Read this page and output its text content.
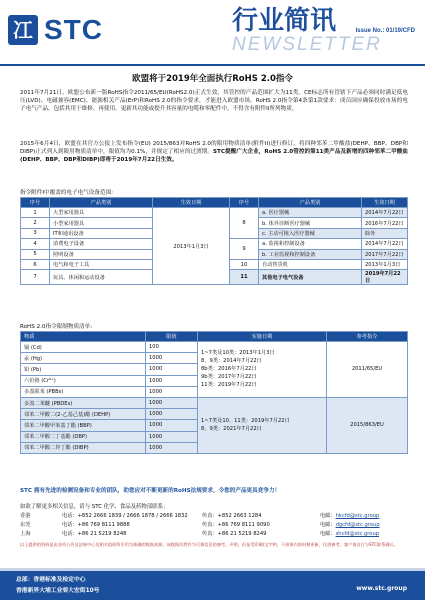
冮 STC	行业简讯
NEWSLETTER
Issue No.: 01/19/CFD
欧盟将于2019年全面执行RoHS 2.0指令
2011年7月21日，欧盟公布新一版RoHS指令2011/65/EU(RoHS2.0)正式生效，其管控的产品范围扩大为11类。CE标志所有管辖下产品必须同时满足低电压(LVD)、电磁兼容(EMC)、能源相关产品(ErP)和RoHS 2.0的指令要求，才能进入欧盟市场。RoHS 2.0指令第4条第1款要求：成员国应确保投放市场的电子电气产品，包括其用于维修、再使用、更新其功能或提升其容量的电缆和零配件中，不得含有附件II所列物质。
2015年6月4日，欧盟在其官方公报上发布指令(EU) 2015/863对RoHS 2.0的限用物质清单(附件II)进行修订，将四种邻苯二甲酸盐(DEHP、BBP、DBP和DIBP)正式列入到限用物质清单中，限值均为0.1%，并规定了相应的过渡期。STC提醒广大企业，RoHS 2.0管控的第11类产品及新增的四种邻苯二甲酸盐(DEHP、BBP、DBP和DIBP)即将于2019年7月22日生效。
指令附件I中覆盖的电子电气设备范围:
序号	产品类别	生效日期	序号	产品类别	生效日期
1	大型家用器具	2013年1月3日	8	a. 医疗器械	2014年7月22日
2	小型家用器具			b. 体外诊断医疗器械	2016年7月22日
3	IT和通讯设备			c. 主动可植入医疗器械	除外
4	消费电子设备		9	a. 监视和控制设备	2014年7月22日
5	照明设备			b. 工业监视和控制设备	2017年7月22日
6	电气和电子工具		10	自动售货机	2013年1月3日
7	玩具、休闲和运动设备		11	其他电子电气设备	2019年7月22日
RoHS 2.0指令限制物质清单:
物质	限值	实施日期	参考指令
镉 (Cd)	100	1~7类及10类：2013年1月3日
8、9类：2014年7月22日
8b类：2016年7月22日
9b类：2017年7月22日
11类：2019年7月22日	2011/65/EU
汞 (Hg)	1000		
铅 (Pb)	1000		
六价铬 (Cr⁶⁺)	1000		
多溴联苯 (PBBs)	1000		
多溴二苯醚 (PBDEs)	1000	1~7类及10、11类：2019年7月22日
8、9类：2021年7月22日	2015/863/EU
邻苯二甲酸二(2-乙基己基)酯 (DEHP)	1000		
邻苯二甲酸甲苯基丁酯 (BBP)	1000		
邻苯二甲酸二丁基酯 (DBP)	1000		
邻苯二甲酸二异丁酯 (DIBP)	1000		
STC 拥有先进的检测设备和专业的团队，助您应对不断更新的RoHS法规要求，令您的产品更具竞争力！
如欲了解更多相关信息，请与 STC 化学、食品及药物部联系：
香港	电话：+852 2666 1839 / 2666 1878 / 2666 1832	传真：+852 2663 1284	电邮：hkcfd@stc.group
东莞	电话：+86 769 8111 9888	传真：+86 769 8111 9090	电邮：dgcfd@stc.group
上海	电话：+86 21 5219 8248	传真：+86 21 5219 8249	电邮：shcfd@stc.group
以上提供的资料是由各项公告及法规中心及相关组织所引用为准确的数据来源，该数据仍然作为可靠信息的参考，声明，但是受印刷/文字和，不担保内容时刻更新，仅供参考，客户请自行与STC联系确认。
总部：香港标准及检定中心
香港新界大埔工业邨大宏街10号	www.stc.group
